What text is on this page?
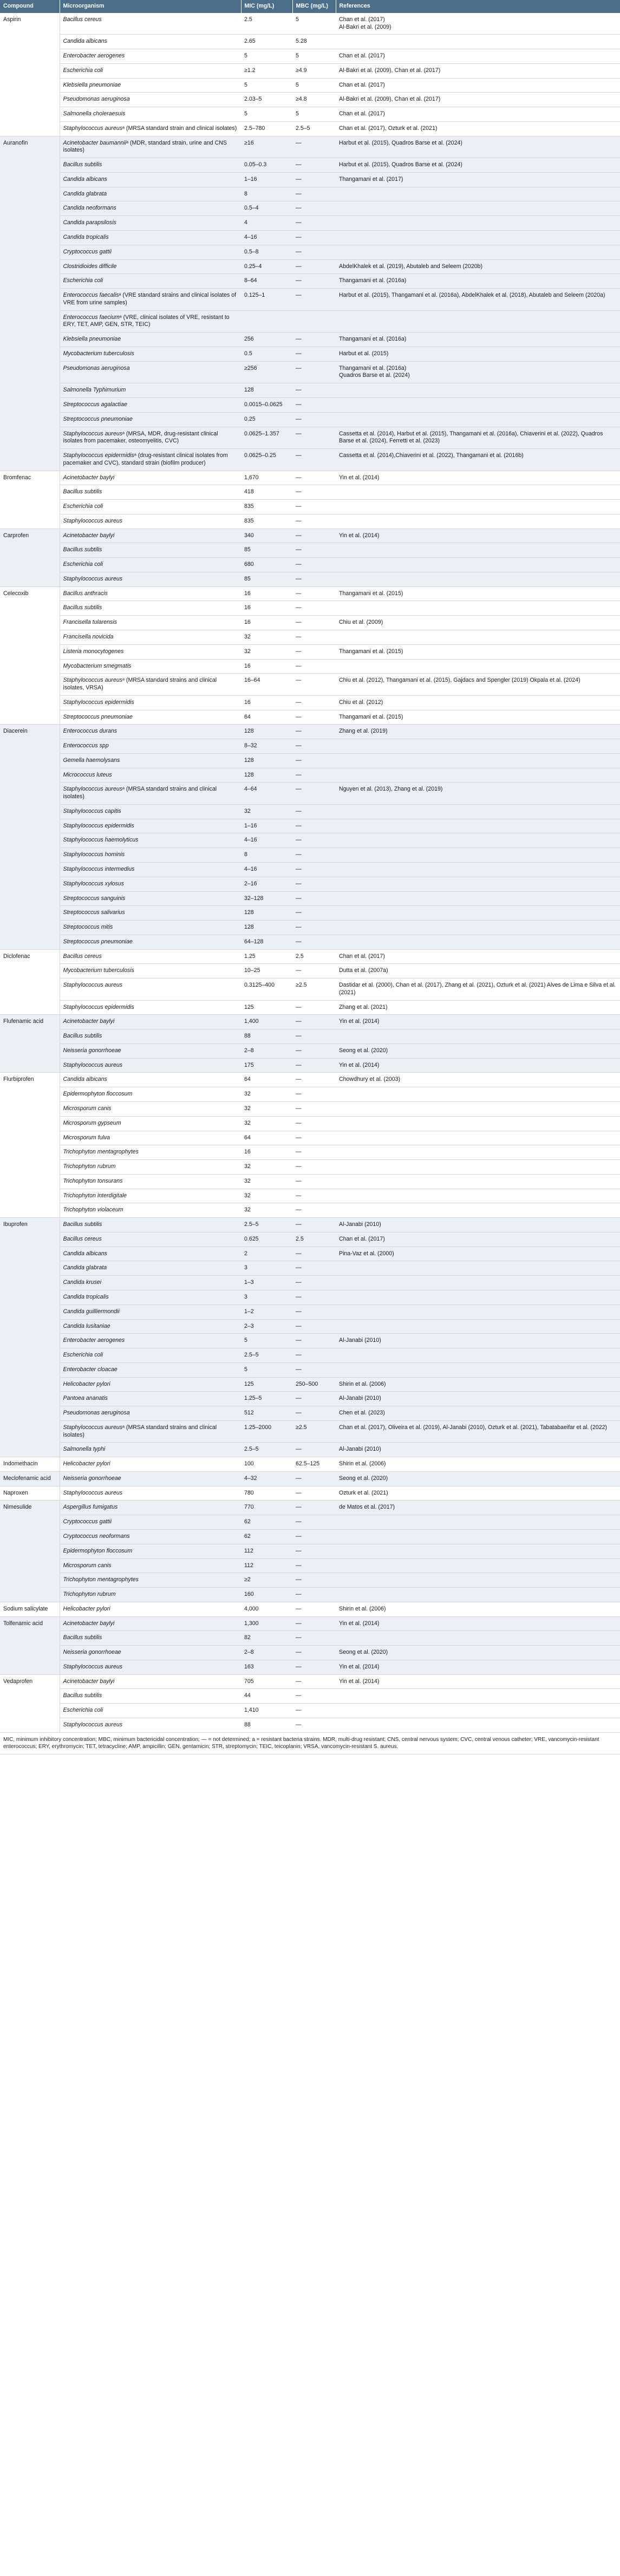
Compound	Microorganism	MIC (mg/L)	MBC (mg/L)	References
Aspirin	Bacillus cereus	2.5	5	Chan et al. (2017)
Al-Bakri et al. (2009)
	Candida albicans	2.65	5.28	
	Enterobacter aerogenes	5	5	Chan et al. (2017)
	Escherichia coli	≥1.2	≥4.9	Al-Bakri et al. (2009), Chan et al. (2017)
	Klebsiella pneumoniae	5	5	Chan et al. (2017)
	Pseudomonas aeruginosa	2.03–5	≥4.8	Al-Bakri et al. (2009), Chan et al. (2017)
	Salmonella choleraesuis	5	5	Chan et al. (2017)
	Staphylococcus aureusᵃ (MRSA standard strain and clinical isolates)	2.5–780	2.5–5	Chan et al. (2017), Ozturk et al. (2021)
Auranofin	Acinetobacter baumanniiᵃ (MDR, standard strain, urine and CNS isolates)	≥16	—	Harbut et al. (2015), Quadros Barse et al. (2024)
	Bacillus subtilis	0.05–0.3	—	Harbut et al. (2015), Quadros Barse et al. (2024)
	Candida albicans	1–16	—	Thangamani et al. (2017)
	Candida glabrata	8	—	
	Candida neoformans	0.5–4	—	
	Candida parapsilosis	4	—	
	Candida tropicalis	4–16	—	
	Cryptococcus gattii	0.5–8	—	
	Clostridioides difficile	0.25–4	—	AbdelKhalek et al. (2019), Abutaleb and Seleem (2020b)
	Escherichia coli	8–64	—	Thangamani et al. (2016a)
	Enterococcus faecalisᵃ (VRE standard strains and clinical isolates of VRE from urine samples)	0.125–1	—	Harbut et al. (2015), Thangamani et al. (2016a), AbdelKhalek et al. (2018), Abutaleb and Seleem (2020a)
	Enterococcus faeciumᵃ (VRE, clinical isolates of VRE, resistant to ERY, TET, AMP, GEN, STR, TEIC)			
	Klebsiella pneumoniae	256	—	Thangamani et al. (2016a)
	Mycobacterium tuberculosis	0.5	—	Harbut et al. (2015)
	Pseudomonas aeruginosa	≥256	—	Thangamani et al. (2016a)
Quadros Barse et al. (2024)
	Salmonella Typhimurium	128	—	
	Streptococcus agalactiae	0.0015–0.0625	—	
	Streptococcus pneumoniae	0.25	—	
	Staphylococcus aureusᵃ (MRSA, MDR, drug-resistant clinical isolates from pacemaker, osteomyelitis, CVC)	0.0625–1.357	—	Cassetta et al. (2014), Harbut et al. (2015), Thangamani et al. (2016a), Chiaverini et al. (2022), Quadros Barse et al. (2024), Ferretti et al. (2023)
	Staphylococcus epidermidisᵃ (drug-resistant clinical isolates from pacemaker and CVC), standard strain (biofilm producer)	0.0625–0.25	—	Cassetta et al. (2014),Chiaverini et al. (2022), Thangamani et al. (2016b)
Bromfenac	Acinetobacter baylyi	1,670	—	Yin et al. (2014)
	Bacillus subtilis	418	—	
	Escherichia coli	835	—	
	Staphylococcus aureus	835	—	
Carprofen	Acinetobacter baylyi	340	—	Yin et al. (2014)
	Bacillus subtilis	85	—	
	Escherichia coli	680	—	
	Staphylococcus aureus	85	—	
Celecoxib	Bacillus anthracis	16	—	Thangamani et al. (2015)
	Bacillus subtilis	16	—	
	Francisella tularensis	16	—	Chiu et al. (2009)
	Francisella novicida	32	—	
	Listeria monocytogenes	32	—	Thangamani et al. (2015)
	Mycobacterium smegmatis	16	—	
	Staphylococcus aureusᵃ (MRSA standard strains and clinical isolates, VRSA)	16–64	—	Chiu et al. (2012), Thangamani et al. (2015), Gajdacs and Spengler (2019) Okpala et al. (2024)
	Staphylococcus epidermidis	16	—	Chiu et al. (2012)
	Streptococcus pneumoniae	64	—	Thangamani et al. (2015)
Diacerein	Enterococcus durans	128	—	Zhang et al. (2019)
	Enterococcus spp	8–32	—	
	Gemella haemolysans	128	—	
	Micrococcus luteus	128	—	
	Staphylococcus aureusᵃ (MRSA standard strains and clinical isolates)	4–64	—	Nguyen et al. (2013), Zhang et al. (2019)
	Staphylococcus capitis	32	—	
	Staphylococcus epidermidis	1–16	—	
	Staphylococcus haemolyticus	4–16	—	
	Staphylococcus hominis	8	—	
	Staphylococcus intermedius	4–16	—	
	Staphylococcus xylosus	2–16	—	
	Streptococcus sanguinis	32–128	—	
	Streptococcus salivarius	128	—	
	Streptococcus mitis	128	—	
	Streptococcus pneumoniae	64–128	—	
Diclofenac	Bacillus cereus	1.25	2.5	Chan et al. (2017)
	Mycobacterium tuberculosis	10–25	—	Dutta et al. (2007a)
	Staphylococcus aureus	0.3125–400	≥2.5	Dastidar et al. (2000), Chan et al. (2017), Zhang et al. (2021), Ozturk et al. (2021) Alves de Lima e Silva et al. (2021)
	Staphylococcus epidermidis	125	—	Zhang et al. (2021)
Flufenamic acid	Acinetobacter baylyi	1,400	—	Yin et al. (2014)
	Bacillus subtilis	88	—	
	Neisseria gonorrhoeae	2–8	—	Seong et al. (2020)
	Staphylococcus aureus	175	—	Yin et al. (2014)
Flurbiprofen	Candida albicans	64	—	Chowdhury et al. (2003)
	Epidermophyton floccosum	32	—	
	Microsporum canis	32	—	
	Microsporum gypseum	32	—	
	Microsporum fulva	64	—	
	Trichophyton mentagrophytes	16	—	
	Trichophyton rubrum	32	—	
	Trichophyton tonsurans	32	—	
	Trichophyton interdigitale	32	—	
	Trichophyton violaceum	32	—	
Ibuprofen	Bacillus subtilis	2.5–5	—	Al-Janabi (2010)
	Bacillus cereus	0.625	2.5	Chan et al. (2017)
	Candida albicans	2	—	Pina-Vaz et al. (2000)
	Candida glabrata	3	—	
	Candida krusei	1–3	—	
	Candida tropicalis	3	—	
	Candida guilliermondii	1–2	—	
	Candida lusitaniae	2–3	—	
	Enterobacter aerogenes	5	—	Al-Janabi (2010)
	Escherichia coli	2.5–5	—	
	Enterobacter cloacae	5	—	
	Helicobacter pylori	125	250–500	Shirin et al. (2006)
	Pantoea ananatis	1.25–5	—	Al-Janabi (2010)
	Pseudomonas aeruginosa	512	—	Chen et al. (2023)
	Staphylococcus aureusᵃ (MRSA standard strains and clinical isolates)	1.25–2000	≥2.5	Chan et al. (2017), Oliveira et al. (2019), Al-Janabi (2010), Ozturk et al. (2021), Tabatabaeifar et al. (2022)
	Salmonella typhi	2.5–5	—	Al-Janabi (2010)
Indomethacin	Helicobacter pylori	100	62.5–125	Shirin et al. (2006)
Meclofenamic acid	Neisseria gonorrhoeae	4–32	—	Seong et al. (2020)
Naproxen	Staphylococcus aureus	780	—	Ozturk et al. (2021)
Nimesulide	Aspergillus fumigatus	770	—	de Matos et al. (2017)
	Cryptococcus gattii	62	—	
	Cryptococcus neoformans	62	—	
	Epidermophyton floccosum	112	—	
	Microsporum canis	112	—	
	Trichophyton mentagrophytes	≥2	—	
	Trichophyton rubrum	160	—	
Sodium salicylate	Helicobacter pylori	4,000	—	Shirin et al. (2006)
Tolfenamic acid	Acinetobacter baylyi	1,300	—	Yin et al. (2014)
	Bacillus subtilis	82	—	
	Neisseria gonorrhoeae	2–8	—	Seong et al. (2020)
	Staphylococcus aureus	163	—	Yin et al. (2014)
Vedaprofen	Acinetobacter baylyi	705	—	Yin et al. (2014)
	Bacillus subtilis	44	—	
	Escherichia coli	1,410	—	
	Staphylococcus aureus	88	—	
MIC, minimum inhibitory concentration; MBC, minimum bactericidal concentration; — = not determined; a = resistant bacteria strains. MDR, multi-drug resistant; CNS, central nervous system; CVC, central venous catheter; VRE, vancomycin-resistant enterococcus; ERY, erythromycin; TET, tetracycline; AMP, ampicillin; GEN, gentamicin; STR, streptomycin; TEIC, teicoplanin; VRSA, vancomycin-resistant S. aureus.				
